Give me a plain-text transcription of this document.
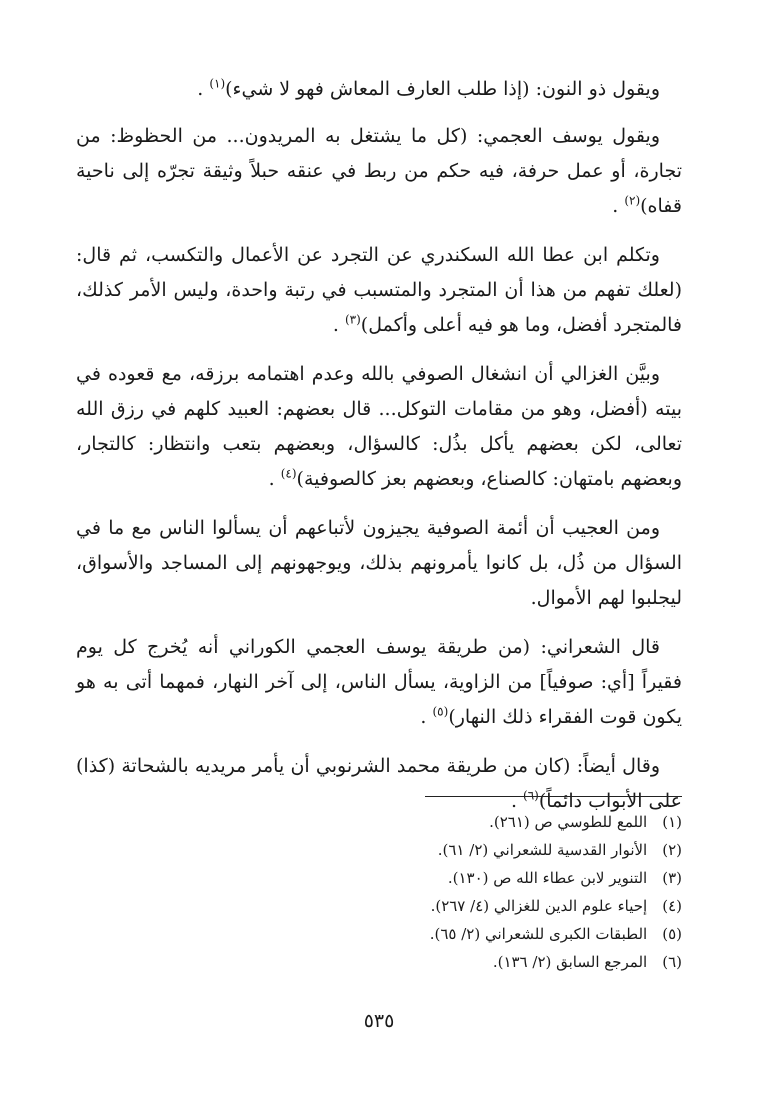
ويقول ذو النون: (إذا طلب العارف المعاش فهو لا شيء)$^{(١)}$ .

ويقول يوسف العجمي: (كل ما يشتغل به المريدون... من الحظوظ: من تجارة، أو عمل حرفة، فيه حكم من ربط في عنقه حبلاً وثيقة تجرّه إلى ناحية قفاه)$^{(٢)}$ .

وتكلم ابن عطا الله السكندري عن التجرد عن الأعمال والتكسب، ثم قال: (لعلك تفهم من هذا أن المتجرد والمتسبب في رتبة واحدة، وليس الأمر كذلك، فالمتجرد أفضل، وما هو فيه أعلى وأكمل)$^{(٣)}$ .

وبيَّن الغزالي أن انشغال الصوفي بالله وعدم اهتمامه برزقه، مع قعوده في بيته (أفضل، وهو من مقامات التوكل... قال بعضهم: العبيد كلهم في رزق الله تعالى، لكن بعضهم يأكل بذُل: كالسؤال، وبعضهم بتعب وانتظار: كالتجار، وبعضهم بامتهان: كالصناع، وبعضهم بعز كالصوفية)$^{(٤)}$ .

ومن العجيب أن أئمة الصوفية يجيزون لأتباعهم أن يسألوا الناس مع ما في السؤال من ذُل، بل كانوا يأمرونهم بذلك، ويوجهونهم إلى المساجد والأسواق، ليجلبوا لهم الأموال.

قال الشعراني: (من طريقة يوسف العجمي الكوراني أنه يُخرج كل يوم فقيراً [أي: صوفياً] من الزاوية، يسأل الناس، إلى آخر النهار، فمهما أتى به هو يكون قوت الفقراء ذلك النهار)$^{(٥)}$ .

وقال أيضاً: (كان من طريقة محمد الشرنوبي أن يأمر مريديه بالشحاتة (كذا) على الأبواب دائماً)$^{(٦)}$ .

(١) اللمع للطوسي ص (٢٦١).
(٢) الأنوار القدسية للشعراني (٢/ ٦١).
(٣) التنوير لابن عطاء الله ص (١٣٠).
(٤) إحياء علوم الدين للغزالي (٤/ ٢٦٧).
(٥) الطبقات الكبرى للشعراني (٢/ ٦٥).
(٦) المرجع السابق (٢/ ١٣٦).
٥٣٥
